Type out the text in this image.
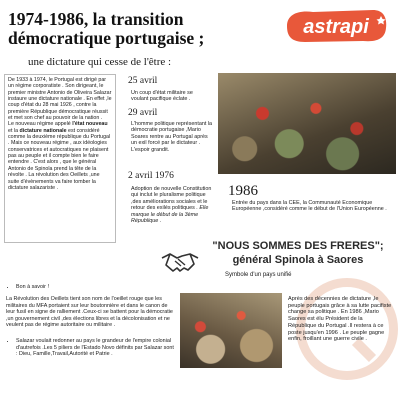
1974-1986, la transition démocratique portugaise ;	astrapi
une dictature qui cesse de l'être :
De 1933 à 1974, le Portugal est dirigé par un régime corporatiste . Son dirigeant, le premier ministre Antonio de Oliveira Salazar instaure une dictature nationale . En effet ,le coup d'état du 28 mai 1926 , contre la première République démocratique réussit et met son chef au pouvoir de la nation .
Le nouveau régime appelé l'état nouveau et la dictature nationale est considéré comme la deuxième république du Portugal . Mais ce nouveau régime , aux idéologies conservatrices et autocratiques ne plaisent pas au peuple et il compte bien le faire entendre . C'est alors , que le général Antonio de Spinola prend la tête de la révolte . La révolution des Oeillets ,une suite d'évènements va faire tomber la dictature salazariste .
25 avril
Un coup d'état militaire se voulant pacifique éclate .
29 avril
L'homme politique représentant la démocratie portugaise ,Mario Soares rentre au Portugal après un exil forcé par le dictateur . L'espoir grandit.
2 avril 1976
Adoption de nouvelle Constitution qui inclut le pluralisme politique ,des améliorations sociales et le retour des exilés politiques . Elle marque le début de la 3ème République .
1986
Entrée du pays dans la CEE, la Communauté Economique Européenne ,considéré comme le début de l'Union Européenne .
"NOUS SOMMES DES FRERES";
général Spinola à Saores
Symbole d'un pays unifié
• Bon à savoir !
La Révolution des Oeillets tient son nom de l'oeillet rouge que les militaires du MFA portaient sur leur boutonnière et dans le canon de leur fusil en signe de ralliement .Ceux-ci se battent pour la démocratie ,un gouvernement civil ,des élections libres et la décolonisation et ne veulent pas de régime autoritaire ou militaire .
• Salazar voulait redonner au pays le grandeur de l'empire colonial d'autrefois .Les 5 piliers de l'Estado Novo définits par Salazar sont : Dieu, Famille,Travail,Autorité et Patrie .
Après des décennies de dictature ,le peuple portugais grâce à sa lutte pacifiste change sa politique . En 1986 ,Mario Saores est élu Président de la République du Portugal .Il restera à ce poste jusqu'en 1996 . Le peuple gagne enfin, froillant une guerre civile .
